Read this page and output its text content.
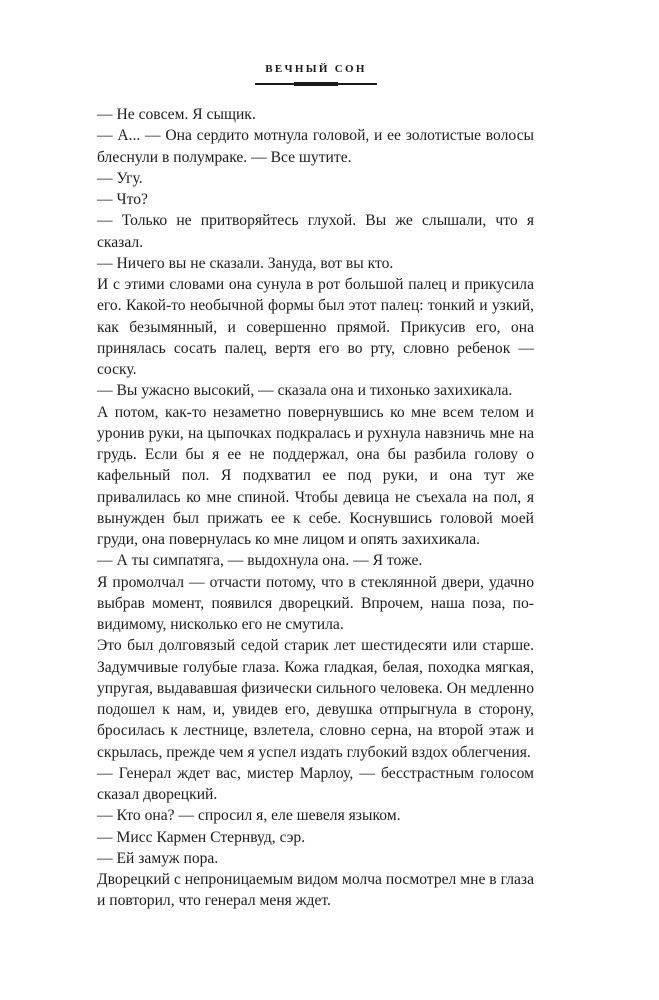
ВЕЧНЫЙ СОН

— Не совсем. Я сыщик.

— А... — Она сердито мотнула головой, и ее золотистые волосы блеснули в полумраке. — Все шутите.

— Угу.

— Что?

— Только не притворяйтесь глухой. Вы же слышали, что я сказал.

— Ничего вы не сказали. Зануда, вот вы кто.

И с этими словами она сунула в рот большой палец и прикусила его. Какой-то необычной формы был этот палец: тонкий и узкий, как безымянный, и совершенно прямой. Прикусив его, она принялась сосать палец, вертя его во рту, словно ребенок — соску.

— Вы ужасно высокий, — сказала она и тихонько захихикала.

А потом, как-то незаметно повернувшись ко мне всем телом и уронив руки, на цыпочках подкралась и рухнула навзничь мне на грудь. Если бы я ее не поддержал, она бы разбила голову о кафельный пол. Я подхватил ее под руки, и она тут же привалилась ко мне спиной. Чтобы девица не съехала на пол, я вынужден был прижать ее к себе. Коснувшись головой моей груди, она повернулась ко мне лицом и опять захихикала.

— А ты симпатяга, — выдохнула она. — Я тоже.

Я промолчал — отчасти потому, что в стеклянной двери, удачно выбрав момент, появился дворецкий. Впрочем, наша поза, повидимому, нисколько его не смутила.

Это был долговязый седой старик лет шестидесяти или старше. Задумчивые голубые глаза. Кожа гладкая, белая, походка мягкая, упругая, выдававшая физически сильного человека. Он медленно подошел к нам, и, увидев его, девушка отпрыгнула в сторону, бросилась к лестнице, взлетела, словно серна, на второй этаж и скрылась, прежде чем я успел издать глубокий вздох облегчения.

— Генерал ждет вас, мистер Марлоу, — бесстрастным голосом сказал дворецкий.

— Кто она? — спросил я, еле шевеля языком.

— Мисс Кармен Стернвуд, сэр.

— Ей замуж пора.

Дворецкий с непроницаемым видом молча посмотрел мне в глаза и повторил, что генерал меня ждет.
